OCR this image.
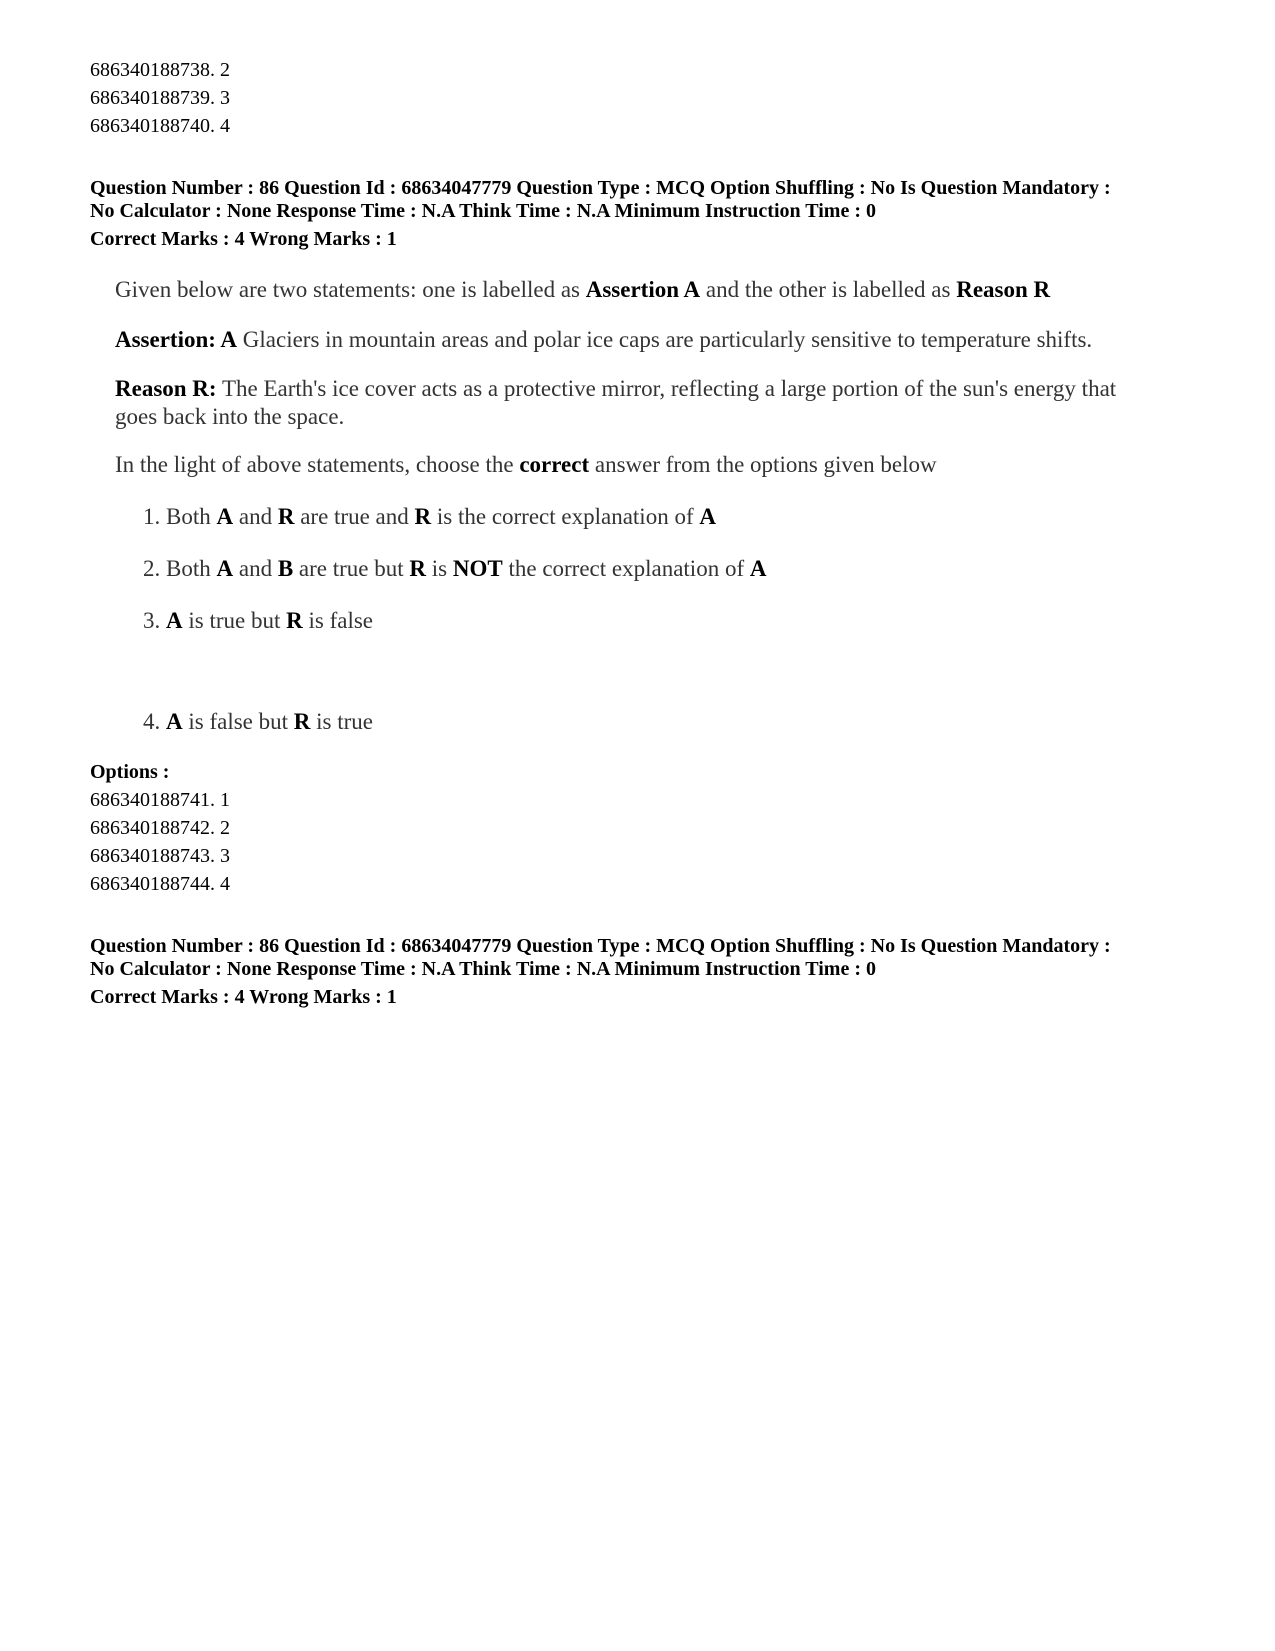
686340188738. 2
686340188739. 3
686340188740. 4
Question Number : 86 Question Id : 68634047779 Question Type : MCQ Option Shuffling : No Is Question Mandatory :
No Calculator : None Response Time : N.A Think Time : N.A Minimum Instruction Time : 0
Correct Marks : 4 Wrong Marks : 1
Given below are two statements: one is labelled as Assertion A and the other is labelled as Reason R
Assertion: A Glaciers in mountain areas and polar ice caps are particularly sensitive to temperature shifts.
Reason R: The Earth's ice cover acts as a protective mirror, reflecting a large portion of the sun's energy that goes back into the space.
In the light of above statements, choose the correct answer from the options given below
1. Both A and R are true and R is the correct explanation of A
2. Both A and B are true but R is NOT the correct explanation of A
3. A is true but R is false
4. A is false but R is true
Options :
686340188741. 1
686340188742. 2
686340188743. 3
686340188744. 4
Question Number : 86 Question Id : 68634047779 Question Type : MCQ Option Shuffling : No Is Question Mandatory :
No Calculator : None Response Time : N.A Think Time : N.A Minimum Instruction Time : 0
Correct Marks : 4 Wrong Marks : 1
